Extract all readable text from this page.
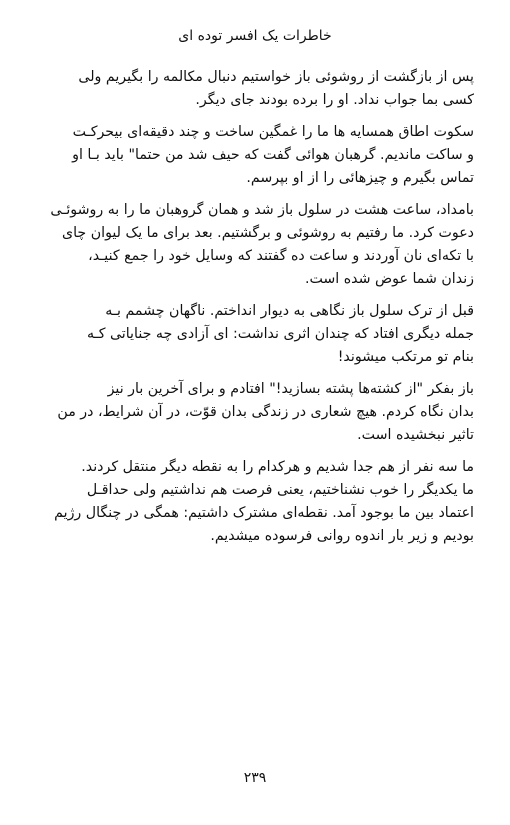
خاطرات یک افسر توده ای
پس از بازگشت از روشوئی باز خواستیم دنبال مکالمه را بگیریم ولی
کسی بما جواب نداد. او را برده بودند جای دیگر.
سکوت اطاق همسایه ها ما را غمگین ساخت و چند دقیقه‌ای بیحرکـت
و ساکت ماندیم. گرهبان هوائی گفت که حیف شد من حتما" باید بـا او
تماس بگیرم و چیزهائی را از او بپرسم.
بامداد، ساعت هشت در سلول باز شد و همان گروهبان ما را به روشوئـی
دعوت کرد. ما رفتیم به روشوئی و برگشتیم. بعد برای ما یک لیوان چای
با تکه‌ای نان آوردند و ساعت ده گفتند که وسایل خود را جمع کنیـد،
زندان شما عوض شده است.
قبل از ترک سلول باز نگاهی به دیوار انداختم. ناگهان چشمم بـه
جمله دیگری افتاد که چندان اثری نداشت: ای آزادی چه جنایاتی کـه
بنام تو مرتکب میشوند!
باز بفکر "از کشته‌ها پشته بسازید!" افتادم و برای آخرین بار نیز
بدان نگاه کردم. هیچ شعاری در زندگی بدان قوّت، در آن شرایط، در من
تاثیر نبخشیده است.
ما سه نفر از هم جدا شدیم و هرکدام را به نقطه دیگر منتقل کردند.
ما یکدیگر را خوب نشناختیم، یعنی فرصت هم نداشتیم ولی حداقـل
اعتماد بین ما بوجود آمد. نقطه‌ای مشترک داشتیم: همگی در چنگال رژیم
بودیم و زیر بار اندوه روانی فرسوده میشدیم.
۲۳۹
